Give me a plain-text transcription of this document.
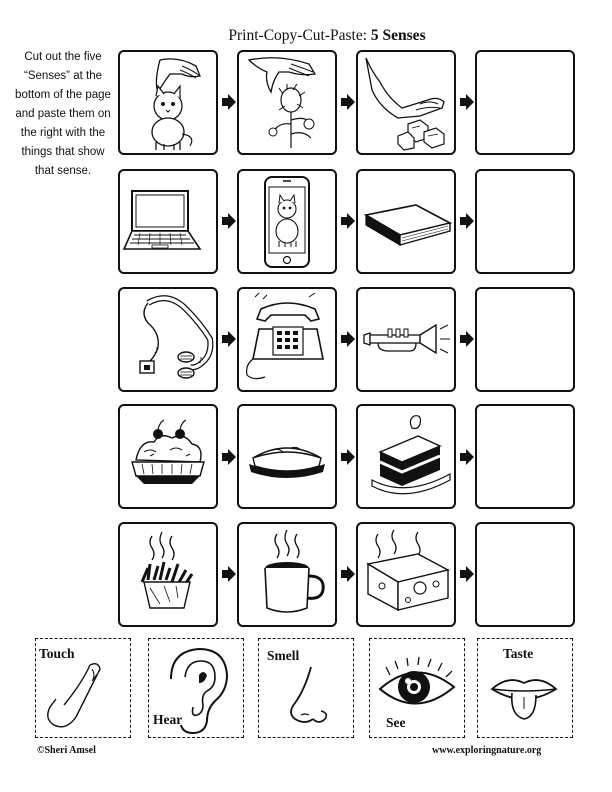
Print-Copy-Cut-Paste: 5 Senses
Cut out the five “Senses” at the bottom of the page and paste them on the right with the things that show that sense.
♪
♪
Touch
Hear
Smell
See
Taste
©Sheri Amsel	www.exploringnature.org
